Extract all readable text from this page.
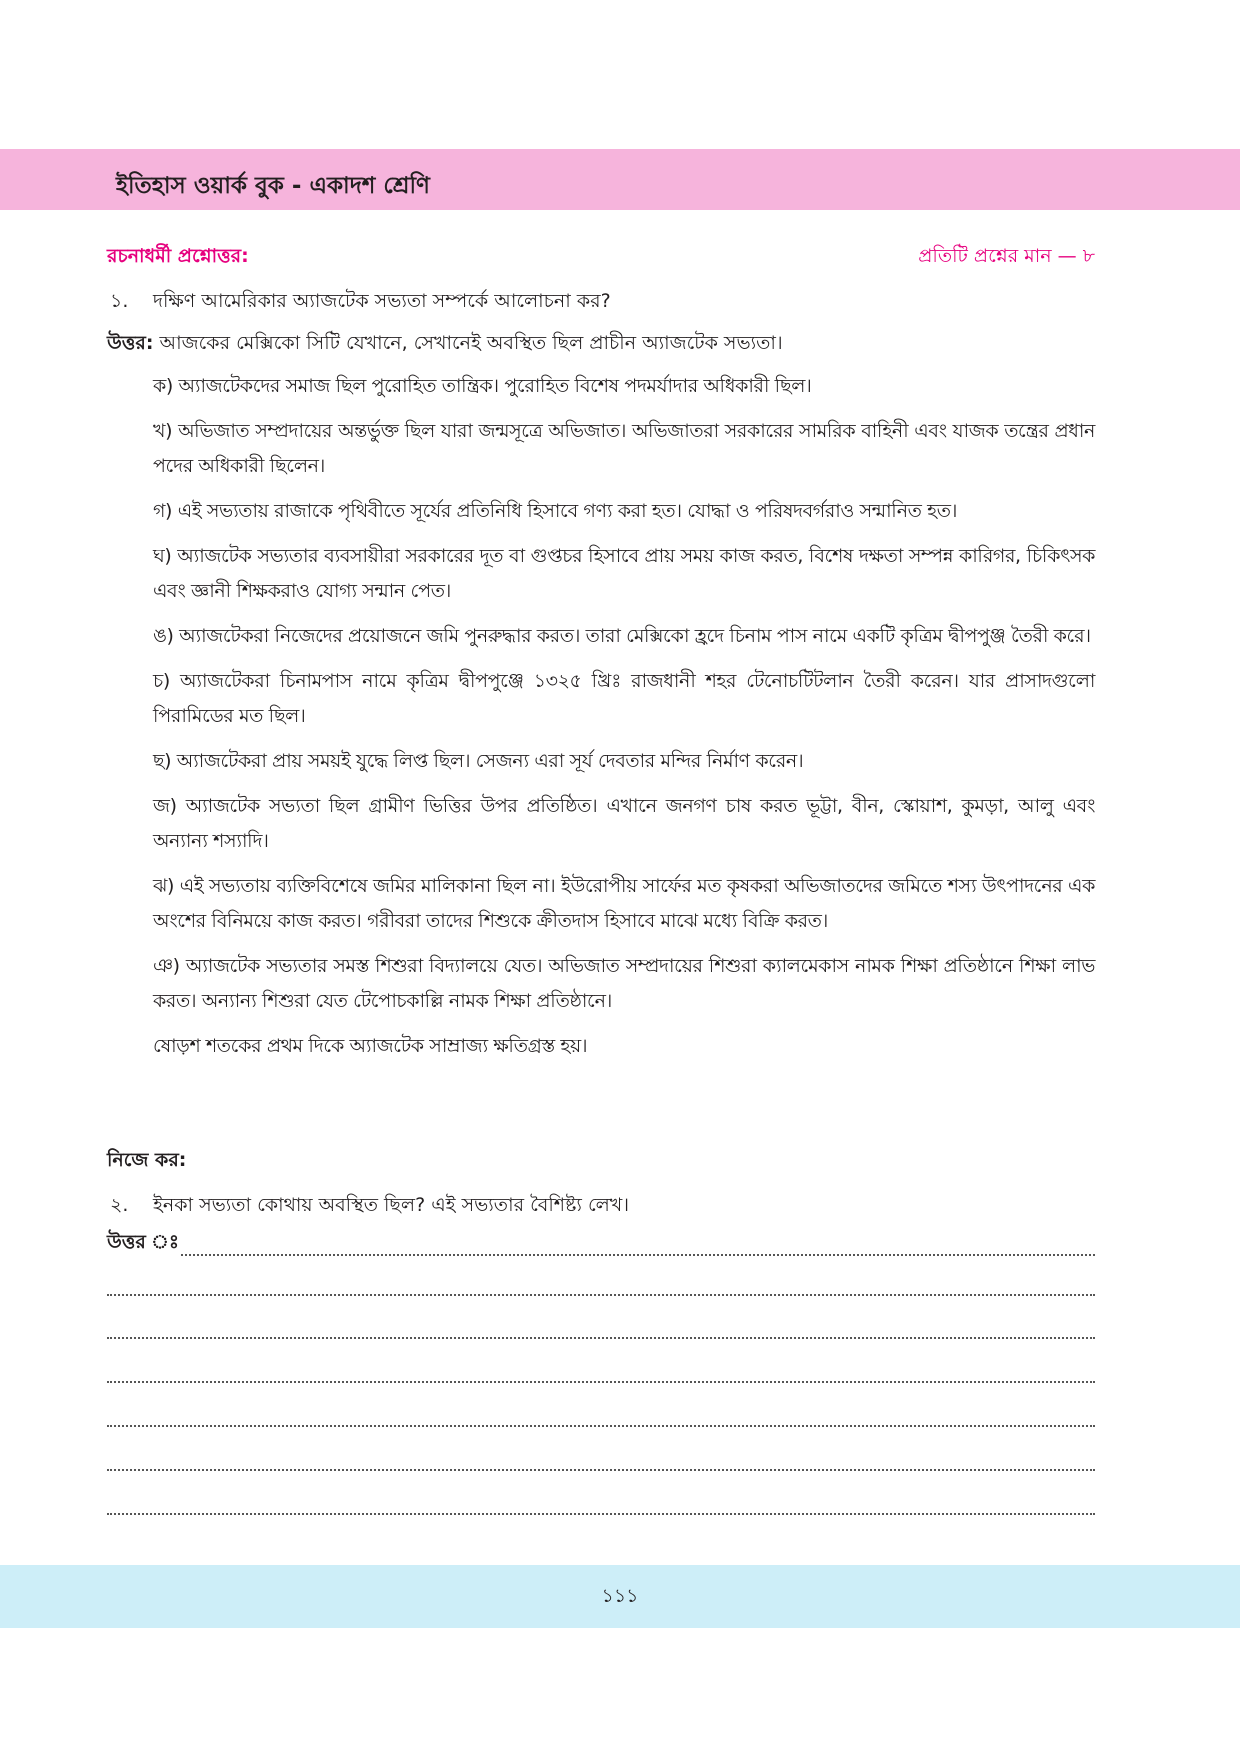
ইতিহাস ওয়ার্ক বুক - একাদশ শ্রেণি
রচনাধর্মী প্রশ্নোত্তর:	প্রতিটি প্রশ্নের মান — ৮
১. দক্ষিণ আমেরিকার অ্যাজটেক সভ্যতা সম্পর্কে আলোচনা কর?
উত্তর: আজকের মেক্সিকো সিটি যেখানে, সেখানেই অবস্থিত ছিল প্রাচীন অ্যাজটেক সভ্যতা।

ক) অ্যাজটেকদের সমাজ ছিল পুরোহিত তান্ত্রিক। পুরোহিত বিশেষ পদমর্যাদার অধিকারী ছিল।

খ) অভিজাত সম্প্রদায়ের অন্তর্ভুক্ত ছিল যারা জন্মসূত্রে অভিজাত। অভিজাতরা সরকারের সামরিক বাহিনী এবং যাজক তন্ত্রের প্রধান পদের অধিকারী ছিলেন।

গ) এই সভ্যতায় রাজাকে পৃথিবীতে সূর্যের প্রতিনিধি হিসাবে গণ্য করা হত। যোদ্ধা ও পরিষদবর্গরাও সন্মানিত হত।

ঘ) অ্যাজটেক সভ্যতার ব্যবসায়ীরা সরকারের দূত বা গুপ্তচর হিসাবে প্রায় সময় কাজ করত, বিশেষ দক্ষতা সম্পন্ন কারিগর, চিকিৎসক এবং জ্ঞানী শিক্ষকরাও যোগ্য সন্মান পেত।

ঙ) অ্যাজটেকরা নিজেদের প্রয়োজনে জমি পুনরুদ্ধার করত। তারা মেক্সিকো হ্রদে চিনাম পাস নামে একটি কৃত্রিম দ্বীপপুঞ্জ তৈরী করে।

চ) অ্যাজটেকরা চিনামপাস নামে কৃত্রিম দ্বীপপুঞ্জে ১৩২৫ খ্রিঃ রাজধানী শহর টেনোচটিটলান তৈরী করেন। যার প্রাসাদগুলো পিরামিডের মত ছিল।

ছ) অ্যাজটেকরা প্রায় সময়ই যুদ্ধে লিপ্ত ছিল। সেজন্য এরা সূর্য দেবতার মন্দির নির্মাণ করেন।

জ) অ্যাজটেক সভ্যতা ছিল গ্রামীণ ভিত্তির উপর প্রতিষ্ঠিত। এখানে জনগণ চাষ করত ভূট্টা, বীন, স্কোয়াশ, কুমড়া, আলু এবং অন্যান্য শস্যাদি।

ঝ) এই সভ্যতায় ব্যক্তিবিশেষে জমির মালিকানা ছিল না। ইউরোপীয় সার্ফের মত কৃষকরা অভিজাতদের জমিতে শস্য উৎপাদনের এক অংশের বিনিময়ে কাজ করত। গরীবরা তাদের শিশুকে ক্রীতদাস হিসাবে মাঝে মধ্যে বিক্রি করত।

ঞ) অ্যাজটেক সভ্যতার সমস্ত শিশুরা বিদ্যালয়ে যেত। অভিজাত সম্প্রদায়ের শিশুরা ক্যালমেকাস নামক শিক্ষা প্রতিষ্ঠানে শিক্ষা লাভ করত। অন্যান্য শিশুরা যেত টেপোচকাল্লি নামক শিক্ষা প্রতিষ্ঠানে।

ষোড়শ শতকের প্রথম দিকে অ্যাজটেক সাম্রাজ্য ক্ষতিগ্রস্ত হয়।

নিজে কর:
২. ইনকা সভ্যতা কোথায় অবস্থিত ছিল? এই সভ্যতার বৈশিষ্ট্য লেখ।
উত্তর ঃ
১১১
